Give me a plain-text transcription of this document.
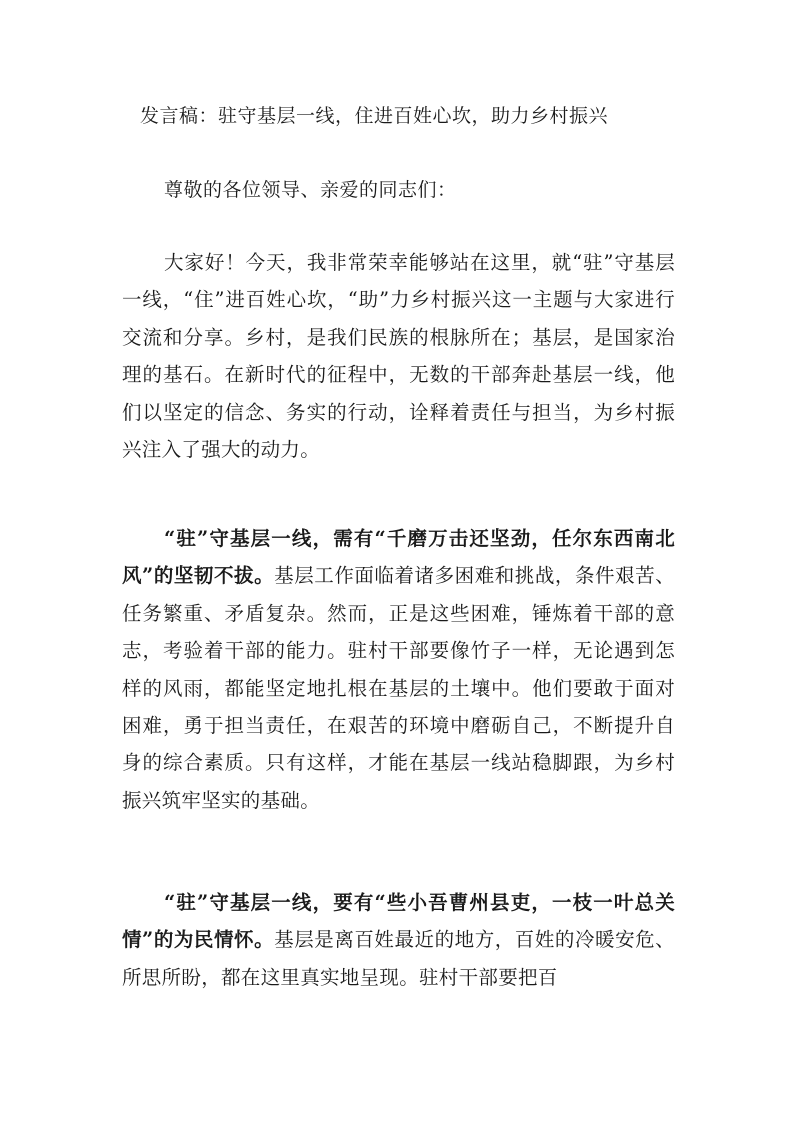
发言稿：驻守基层一线，住进百姓心坎，助力乡村振兴
尊敬的各位领导、亲爱的同志们：

大家好！今天，我非常荣幸能够站在这里，就“驻”守基层一线，“住”进百姓心坎，“助”力乡村振兴这一主题与大家进行交流和分享。乡村，是我们民族的根脉所在；基层，是国家治理的基石。在新时代的征程中，无数的干部奔赴基层一线，他们以坚定的信念、务实的行动，诠释着责任与担当，为乡村振兴注入了强大的动力。

“驻”守基层一线，需有“千磨万击还坚劲，任尔东西南北风”的坚韧不拔。基层工作面临着诸多困难和挑战，条件艰苦、任务繁重、矛盾复杂。然而，正是这些困难，锤炼着干部的意志，考验着干部的能力。驻村干部要像竹子一样，无论遇到怎样的风雨，都能坚定地扎根在基层的土壤中。他们要敢于面对困难，勇于担当责任，在艰苦的环境中磨砺自己，不断提升自身的综合素质。只有这样，才能在基层一线站稳脚跟，为乡村振兴筑牢坚实的基础。

“驻”守基层一线，要有“些小吾曹州县吏，一枝一叶总关情”的为民情怀。基层是离百姓最近的地方，百姓的冷暖安危、所思所盼，都在这里真实地呈现。驻村干部要把百
